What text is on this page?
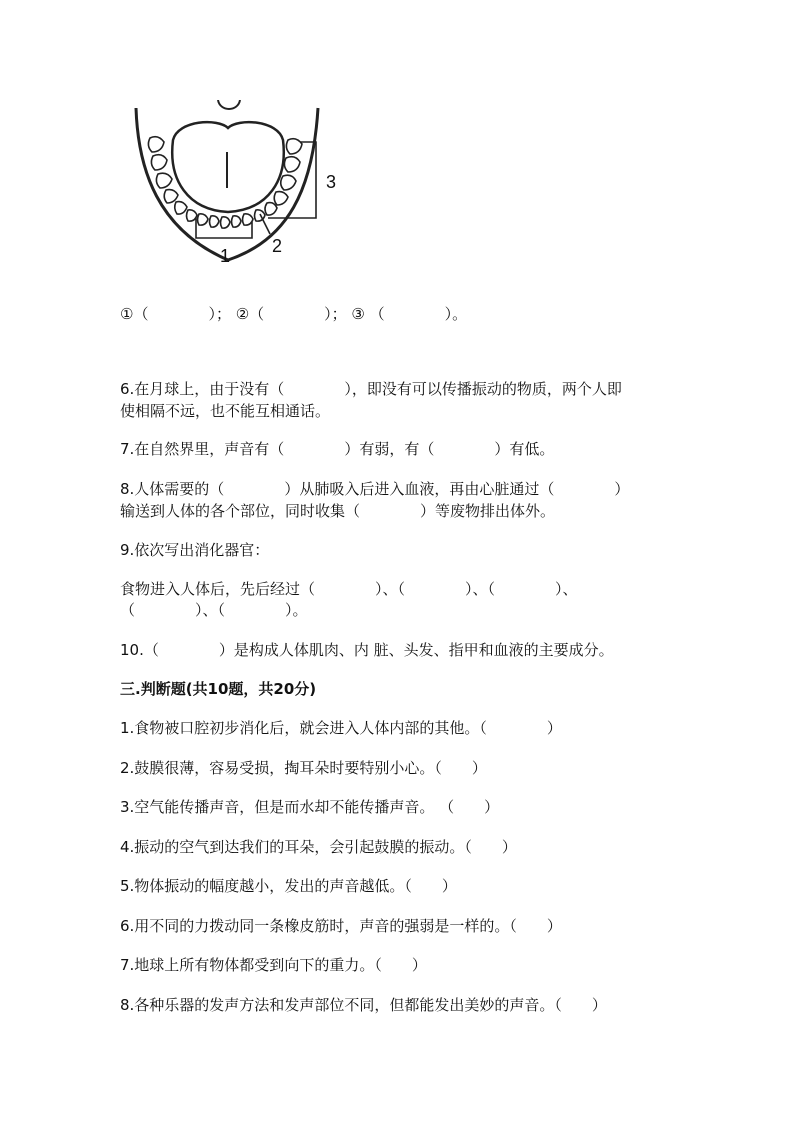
1 2
3
①（　　　　）； ②（　　　　）； ③ （　　　　）。
6.在月球上，由于没有（　　　　），即没有可以传播振动的物质，两个人即
使相隔不远，也不能互相通话。
7.在自然界里，声音有（　　　　）有弱，有（　　　　）有低。
8.人体需要的（　　　　）从肺吸入后进入血液，再由心脏通过（　　　　）
输送到人体的各个部位，同时收集（　　　　）等废物排出体外。
9.依次写出消化器官：
食物进入人体后，先后经过（　　　　）、（　　　　）、（　　　　）、
（　　　　）、（　　　　）。
10.（　　　　）是构成人体肌肉、内 脏、头发、指甲和血液的主要成分。
三.判断题(共10题，共20分)
1.食物被口腔初步消化后，就会进入人体内部的其他。（　　　　）
2.鼓膜很薄，容易受损，掏耳朵时要特别小心。（　　）
3.空气能传播声音，但是而水却不能传播声音。 （　　）
4.振动的空气到达我们的耳朵，会引起鼓膜的振动。（　　）
5.物体振动的幅度越小，发出的声音越低。（　　）
6.用不同的力拨动同一条橡皮筋时，声音的强弱是一样的。（　　）
7.地球上所有物体都受到向下的重力。（　　）
8.各种乐器的发声方法和发声部位不同，但都能发出美妙的声音。（　　）
